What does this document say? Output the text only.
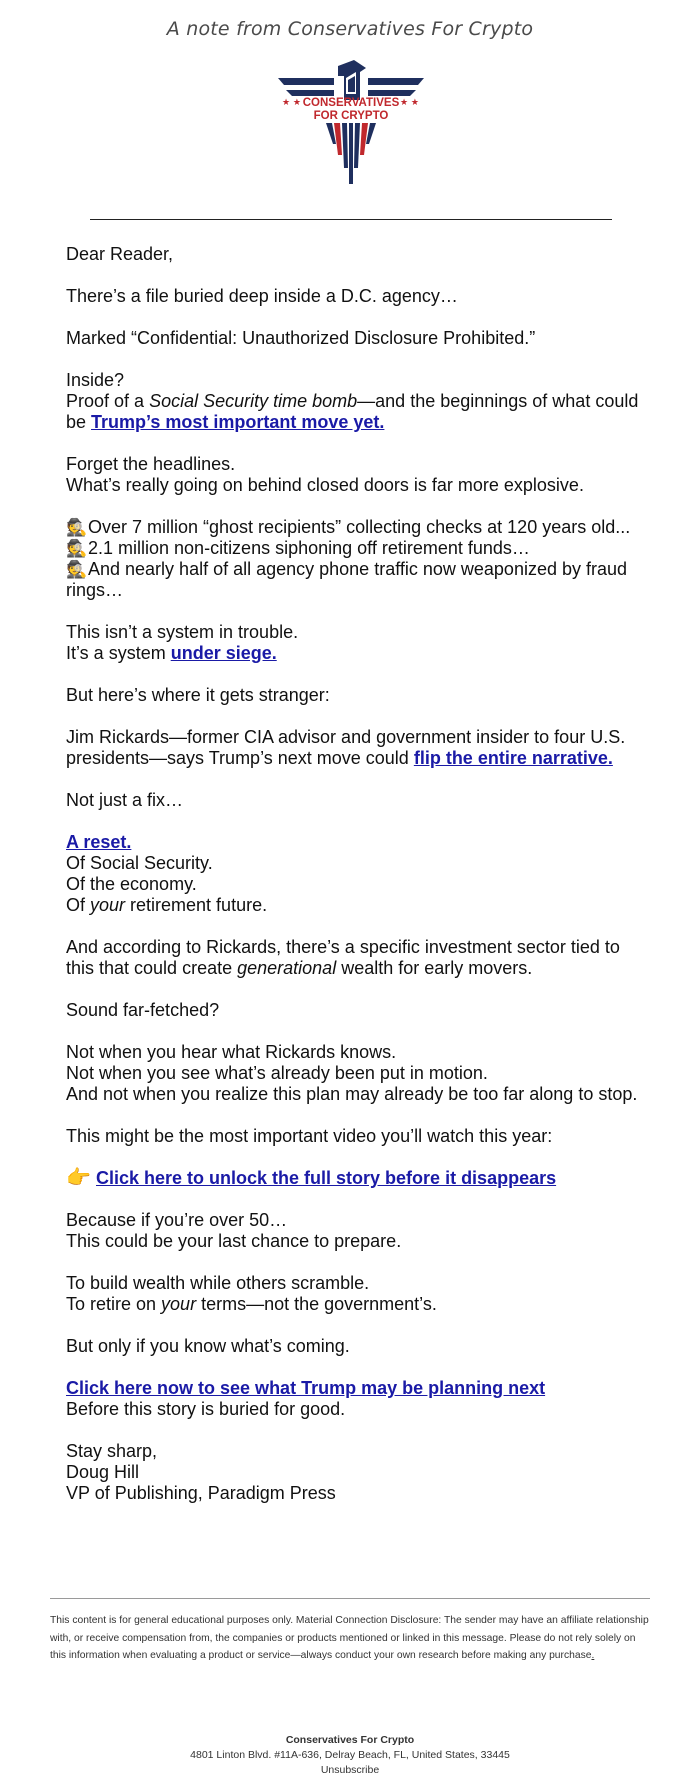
A note from Conservatives For Crypto
★ ★	★ ★
CONSERVATIVES
FOR CRYPTO

Dear Reader,

There’s a file buried deep inside a D.C. agency…

Marked “Confidential: Unauthorized Disclosure Prohibited.”

Inside?
Proof of a Social Security time bomb—and the beginnings of what could be Trump’s most important move yet.

Forget the headlines.
What’s really going on behind closed doors is far more explosive.

🕵Over 7 million “ghost recipients” collecting checks at 120 years old...
🕵2.1 million non-citizens siphoning off retirement funds…
🕵And nearly half of all agency phone traffic now weaponized by fraud rings…

This isn’t a system in trouble.
It’s a system under siege.

But here’s where it gets stranger:

Jim Rickards—former CIA advisor and government insider to four U.S. presidents—says Trump’s next move could flip the entire narrative.

Not just a fix…

A reset.
Of Social Security.
Of the economy.
Of your retirement future.

And according to Rickards, there’s a specific investment sector tied to this that could create generational wealth for early movers.

Sound far-fetched?

Not when you hear what Rickards knows.
Not when you see what’s already been put in motion.
And not when you realize this plan may already be too far along to stop.

This might be the most important video you’ll watch this year:

👉 Click here to unlock the full story before it disappears

Because if you’re over 50…
This could be your last chance to prepare.

To build wealth while others scramble.
To retire on your terms—not the government’s.

But only if you know what’s coming.

Click here now to see what Trump may be planning next
Before this story is buried for good.

Stay sharp,
Doug Hill
VP of Publishing, Paradigm Press

This content is for general educational purposes only. Material Connection Disclosure: The sender may have an affiliate relationship with, or receive compensation from, the companies or products mentioned or linked in this message. Please do not rely solely on this information when evaluating a product or service—always conduct your own research before making any purchase.
Conservatives For Crypto
4801 Linton Blvd. #11A-636, Delray Beach, FL, United States, 33445
Unsubscribe
